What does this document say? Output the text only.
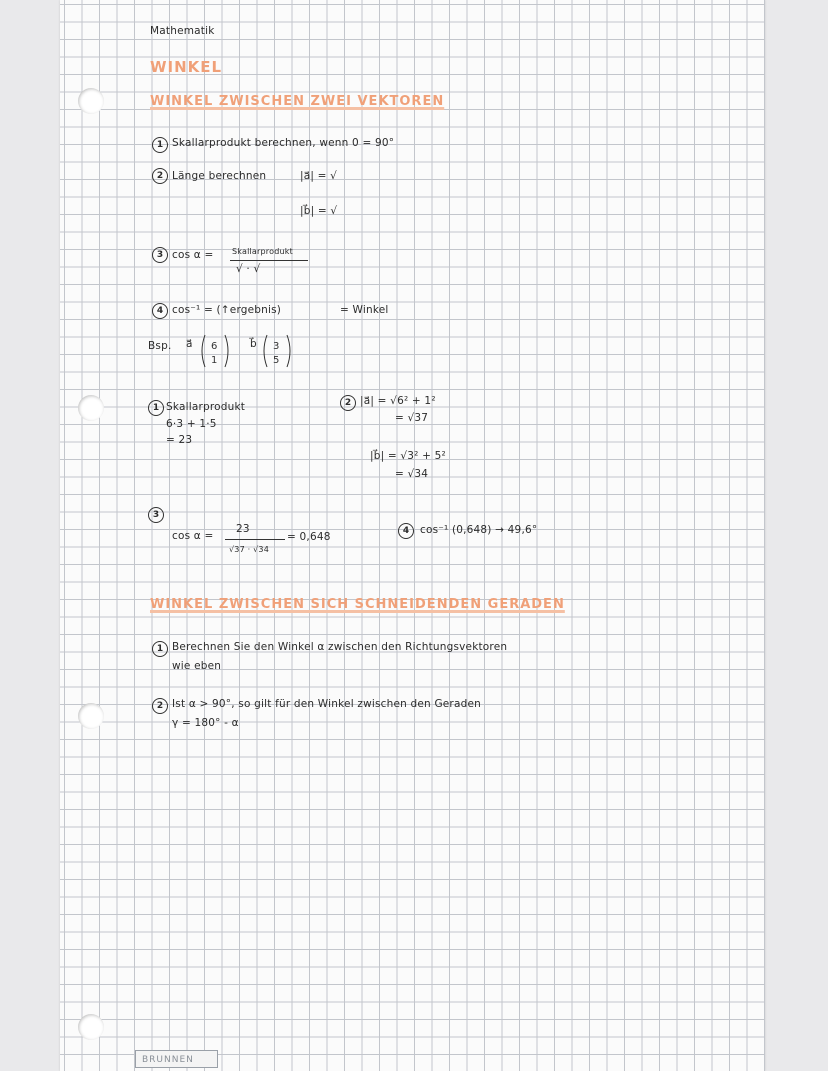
Mathematik
WINKEL
WINKEL ZWISCHEN ZWEI VEKTOREN
1 Skallarprodukt berechnen, wenn 0 = 90°
2 Länge berechnen	|a⃗| = √
|b⃗| = √
3 cos α = Skallarprodukt
√ · √
4 cos⁻¹ = (↑ergebnis)	= Winkel
Bsp. a⃗ 6
1
b⃗ 3
5
1 Skallarprodukt
6·3 + 1·5
= 23
2 |a⃗| = √6² + 1²
= √37
|b⃗| = √3² + 5²
= √34
3
cos α =
23
√37 · √34
= 0,648	4	cos⁻¹ (0,648) → 49,6°
WINKEL ZWISCHEN SICH SCHNEIDENDEN GERADEN
1 Berechnen Sie den Winkel α zwischen den Richtungsvektoren
wie eben
2 Ist α > 90°, so gilt für den Winkel zwischen den Geraden
γ = 180° - α
BRUNNEN
